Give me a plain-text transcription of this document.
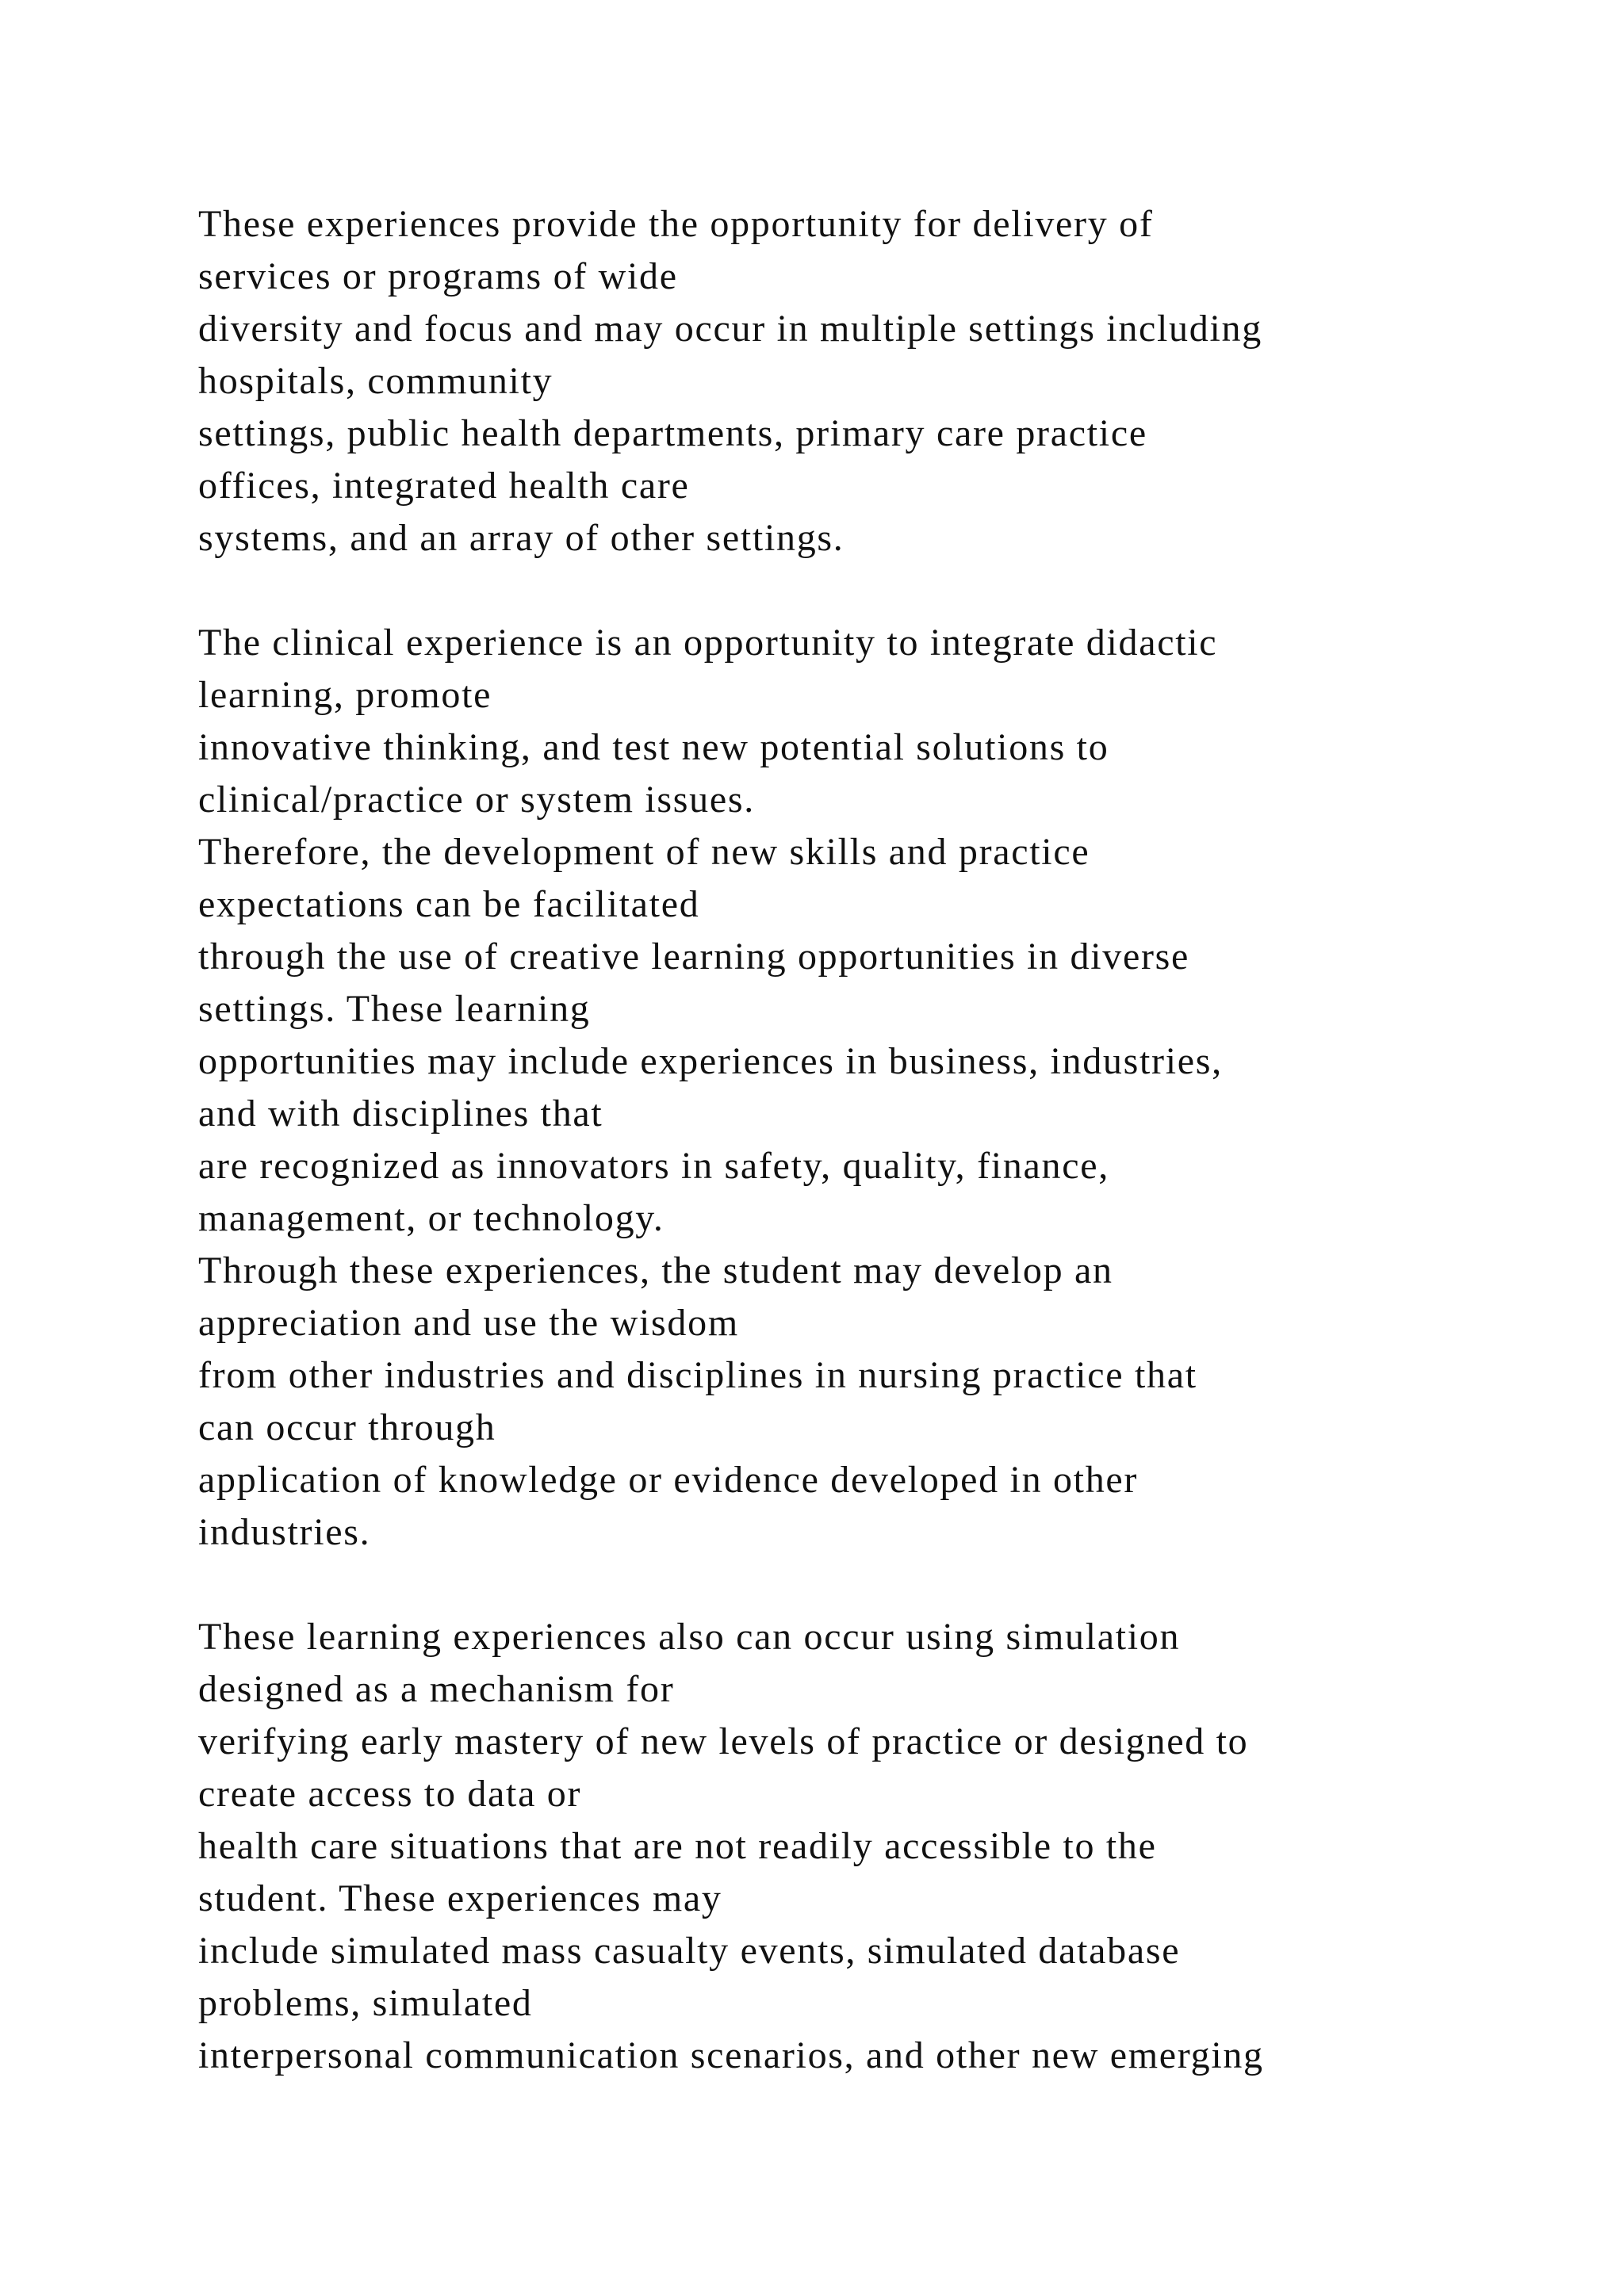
These experiences provide the opportunity for delivery of
services or programs of wide
diversity and focus and may occur in multiple settings including
hospitals, community
settings, public health departments, primary care practice
offices, integrated health care
systems, and an array of other settings.
The clinical experience is an opportunity to integrate didactic
learning, promote
innovative thinking, and test new potential solutions to
clinical/practice or system issues.
Therefore, the development of new skills and practice
expectations can be facilitated
through the use of creative learning opportunities in diverse
settings. These learning
opportunities may include experiences in business, industries,
and with disciplines that
are recognized as innovators in safety, quality, finance,
management, or technology.
Through these experiences, the student may develop an
appreciation and use the wisdom
from other industries and disciplines in nursing practice that
can occur through
application of knowledge or evidence developed in other
industries.
These learning experiences also can occur using simulation
designed as a mechanism for
verifying early mastery of new levels of practice or designed to
create access to data or
health care situations that are not readily accessible to the
student. These experiences may
include simulated mass casualty events, simulated database
problems, simulated
interpersonal communication scenarios, and other new emerging
